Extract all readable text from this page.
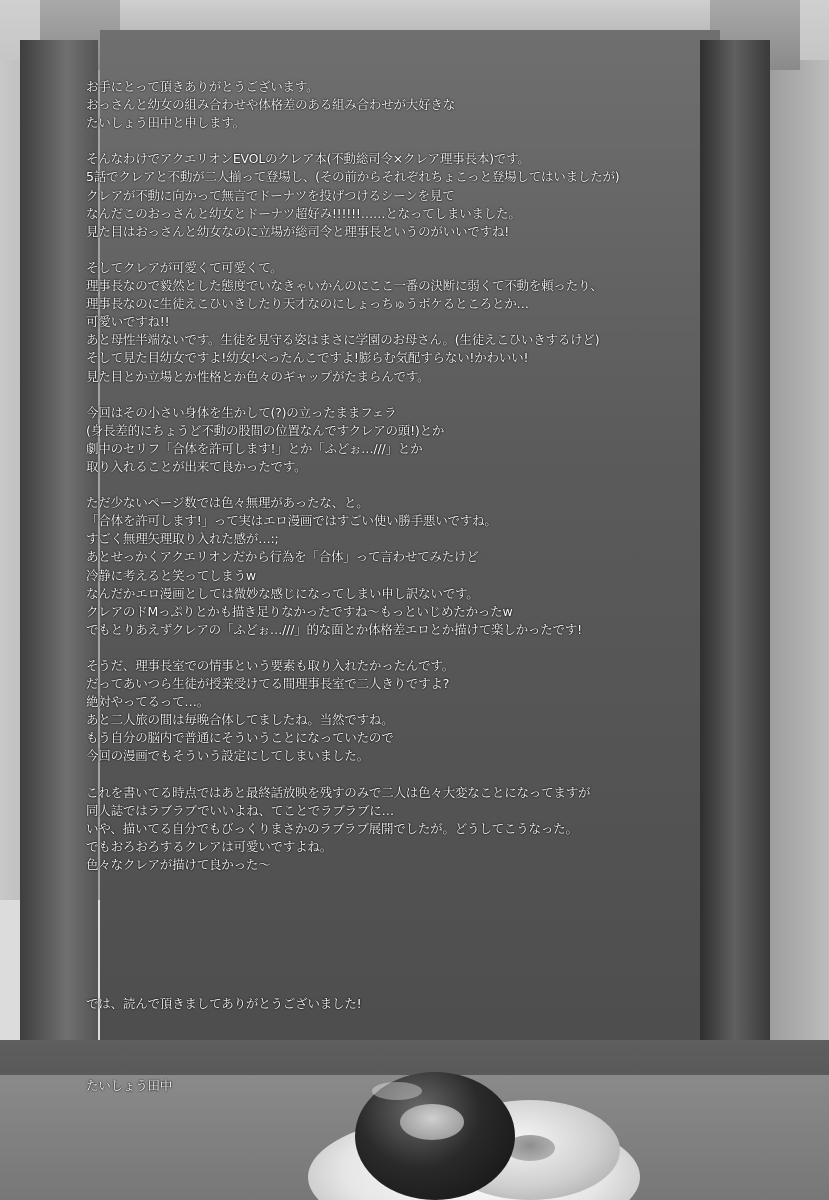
お手にとって頂きありがとうございます。
おっさんと幼女の組み合わせや体格差のある組み合わせが大好きな
たいしょう田中と申します。
そんなわけでアクエリオンEVOLのクレア本(不動総司令×クレア理事長本)です。
5話でクレアと不動が二人揃って登場し、(その前からそれぞれちょこっと登場してはいましたが)
クレアが不動に向かって無言でドーナツを投げつけるシーンを見て
なんだこのおっさんと幼女とドーナツ超好み!!!!!!……となってしまいました。
見た目はおっさんと幼女なのに立場が総司令と理事長というのがいいですね!
そしてクレアが可愛くて可愛くて。
理事長なので毅然とした態度でいなきゃいかんのにここ一番の決断に弱くて不動を頼ったり、
理事長なのに生徒えこひいきしたり天才なのにしょっちゅうボケるところとか…
可愛いですね!!
あと母性半端ないです。生徒を見守る姿はまさに学園のお母さん。(生徒えこひいきするけど)
そして見た目幼女ですよ!幼女!ぺったんこですよ!膨らむ気配すらない!かわいい!
見た目とか立場とか性格とか色々のギャップがたまらんです。
今回はその小さい身体を生かして(?)の立ったままフェラ
(身長差的にちょうど不動の股間の位置なんですクレアの頭!)とか
劇中のセリフ「合体を許可します!」とか「ふどぉ…///」とか
取り入れることが出来て良かったです。
ただ少ないページ数では色々無理があったな、と。
「合体を許可します!」って実はエロ漫画ではすごい使い勝手悪いですね。
すごく無理矢理取り入れた感が…:;
あとせっかくアクエリオンだから行為を「合体」って言わせてみたけど
冷静に考えると笑ってしまうw
なんだかエロ漫画としては微妙な感じになってしまい申し訳ないです。
クレアのドMっぷりとかも描き足りなかったですね～もっといじめたかったw
でもとりあえずクレアの「ふどぉ…///」的な面とか体格差エロとか描けて楽しかったです!
そうだ、理事長室での情事という要素も取り入れたかったんです。
だってあいつら生徒が授業受けてる間理事長室で二人きりですよ?
絶対やってるって…。
あと二人旅の間は毎晩合体してましたね。当然ですね。
もう自分の脳内で普通にそういうことになっていたので
今回の漫画でもそういう設定にしてしまいました。
これを書いてる時点ではあと最終話放映を残すのみで二人は色々大変なことになってますが
同人誌ではラブラブでいいよね、てことでラブラブに…
いや、描いてる自分でもびっくりまさかのラブラブ展開でしたが。どうしてこうなった。
でもおろおろするクレアは可愛いですよね。
色々なクレアが描けて良かった～
では、読んで頂きましてありがとうございました!
たいしょう田中
